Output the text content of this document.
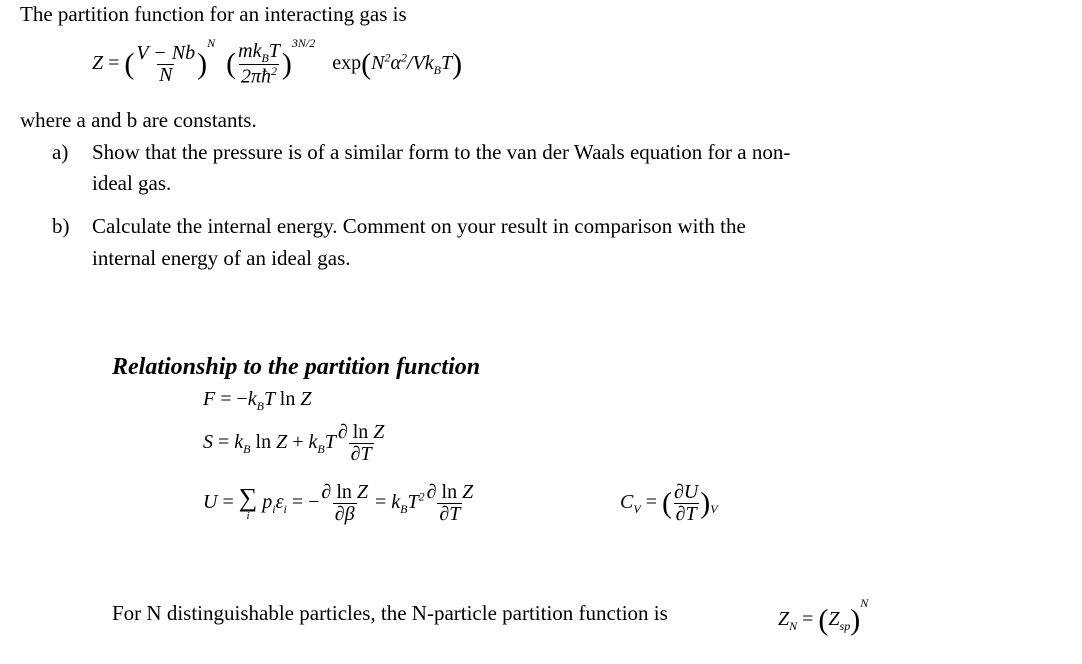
The partition function for an interacting gas is
Z = ( $\frac{V - Nb}{N} )^N$ ( $\frac{mk_BT}{2\pi ħ^2} )^{3N/2}$ $\exp(N^2\alpha^2/Vk_BT)$
where a and b are constants.
a) Show that the pressure is of a similar form to the van der Waals equation for a non-
ideal gas.
b) Calculate the internal energy. Comment on your result in comparison with the
internal energy of an ideal gas.
Relationship to the partition function
$F = -k_BT$ ln Z
$S = k_B$ $\ln Z + k_BT \frac{\text{∂ ln Z}}{\partial T}$
U = ∑
i
$p_i\varepsilon_i$ = − $\frac{\text{∂ ln Z}}{\partial\beta} = k_BT^2 \frac{\text{∂ ln Z}}{\partial T}$	$C_V$ = ( $\frac{\partial U}{\partial T} )_V$
For N distinguishable particles, the N-particle partition function is	$Z_N = (Z_{sp})^N$
